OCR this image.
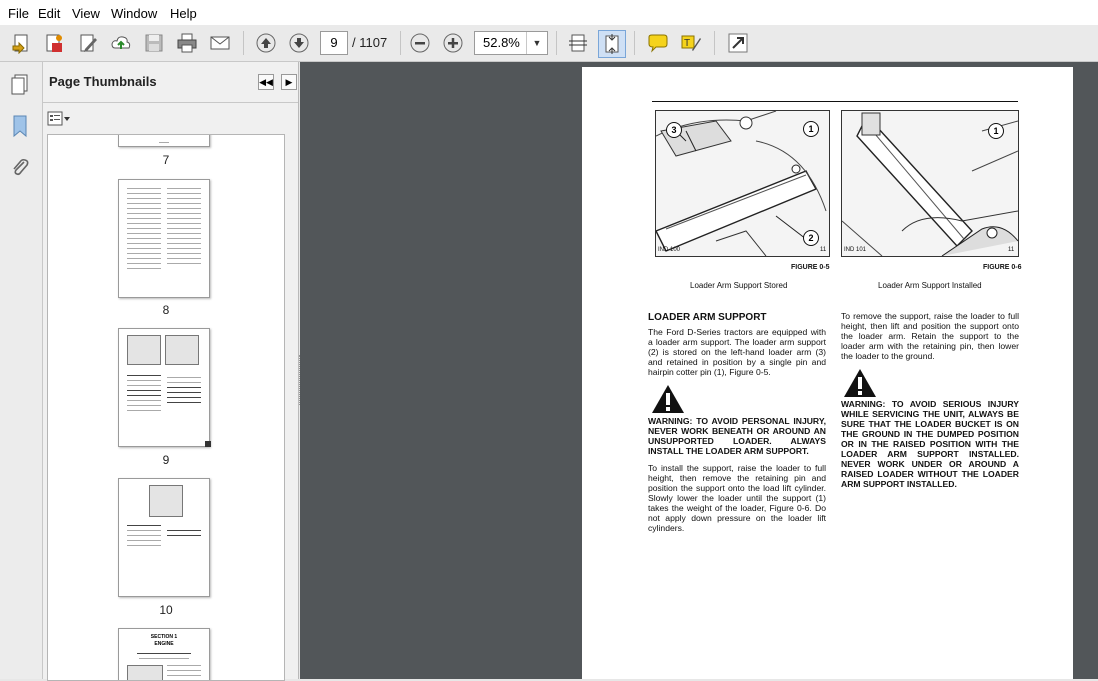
File Edit View Window Help
9	/ 1107	52.8%	▼	T
Page Thumbnails	◀◀	▶
7
8
9
10
SECTION 1
ENGINE
1
2
3
IND 100	11
FIGURE 0-5
Loader Arm Support Stored
1
IND 101	11
FIGURE 0-6
Loader Arm Support Installed
LOADER ARM SUPPORT
The Ford D-Series tractors are equipped with a loader arm support. The loader arm support (2) is stored on the left-hand loader arm (3) and retained in position by a single pin and hairpin cotter pin (1), Figure 0-5.
WARNING: TO AVOID PERSONAL INJURY, NEVER WORK BENEATH OR AROUND AN UNSUPPORTED LOADER. ALWAYS INSTALL THE LOADER ARM SUPPORT.
To install the support, raise the loader to full height, then remove the retaining pin and position the support onto the load lift cylinder. Slowly lower the loader until the support (1) takes the weight of the loader, Figure 0-6. Do not apply down pressure on the loader lift cylinders.
To remove the support, raise the loader to full height, then lift and position the support onto the loader arm. Retain the support to the loader arm with the retaining pin, then lower the loader to the ground.
WARNING: TO AVOID SERIOUS INJURY WHILE SERVICING THE UNIT, ALWAYS BE SURE THAT THE LOADER BUCKET IS ON THE GROUND IN THE DUMPED POSITION OR IN THE RAISED POSITION WITH THE LOADER ARM SUPPORT INSTALLED. NEVER WORK UNDER OR AROUND A RAISED LOADER WITHOUT THE LOADER ARM SUPPORT INSTALLED.
